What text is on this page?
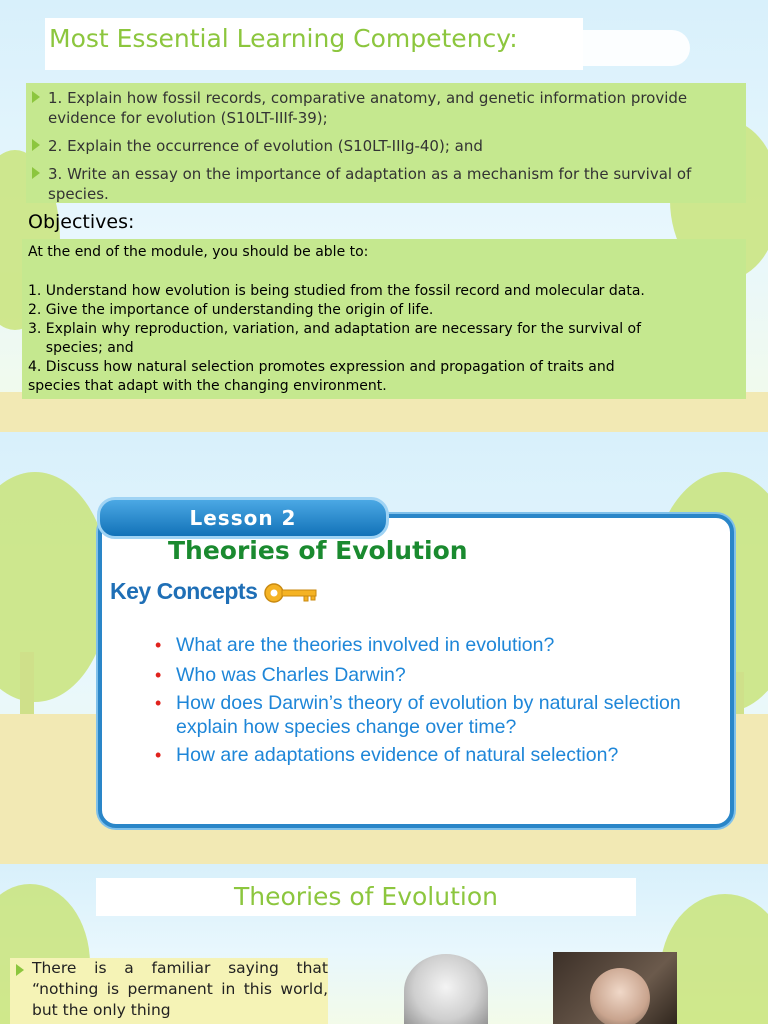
Most Essential Learning Competency:
1. Explain how fossil records, comparative anatomy, and genetic information provide evidence for evolution (S10LT-IIIf-39);
2. Explain the occurrence of evolution (S10LT-IIIg-40); and
3. Write an essay on the importance of adaptation as a mechanism for the survival of species.
Objectives:
At the end of the module, you should be able to:
1. Understand how evolution is being studied from the fossil record and molecular data.
2. Give the importance of understanding the origin of life.
3. Explain why reproduction, variation, and adaptation are necessary for the survival of
species; and
4. Discuss how natural selection promotes expression and propagation of traits and
species that adapt with the changing environment.
Lesson 2
Theories of Evolution
Key Concepts
• What are the theories involved in evolution?
• Who was Charles Darwin?
• How does Darwin’s theory of evolution by natural selection explain how species change over time?
• How are adaptations evidence of natural selection?
Theories of Evolution
There is a familiar saying that “nothing is permanent in this world, but the only thing
